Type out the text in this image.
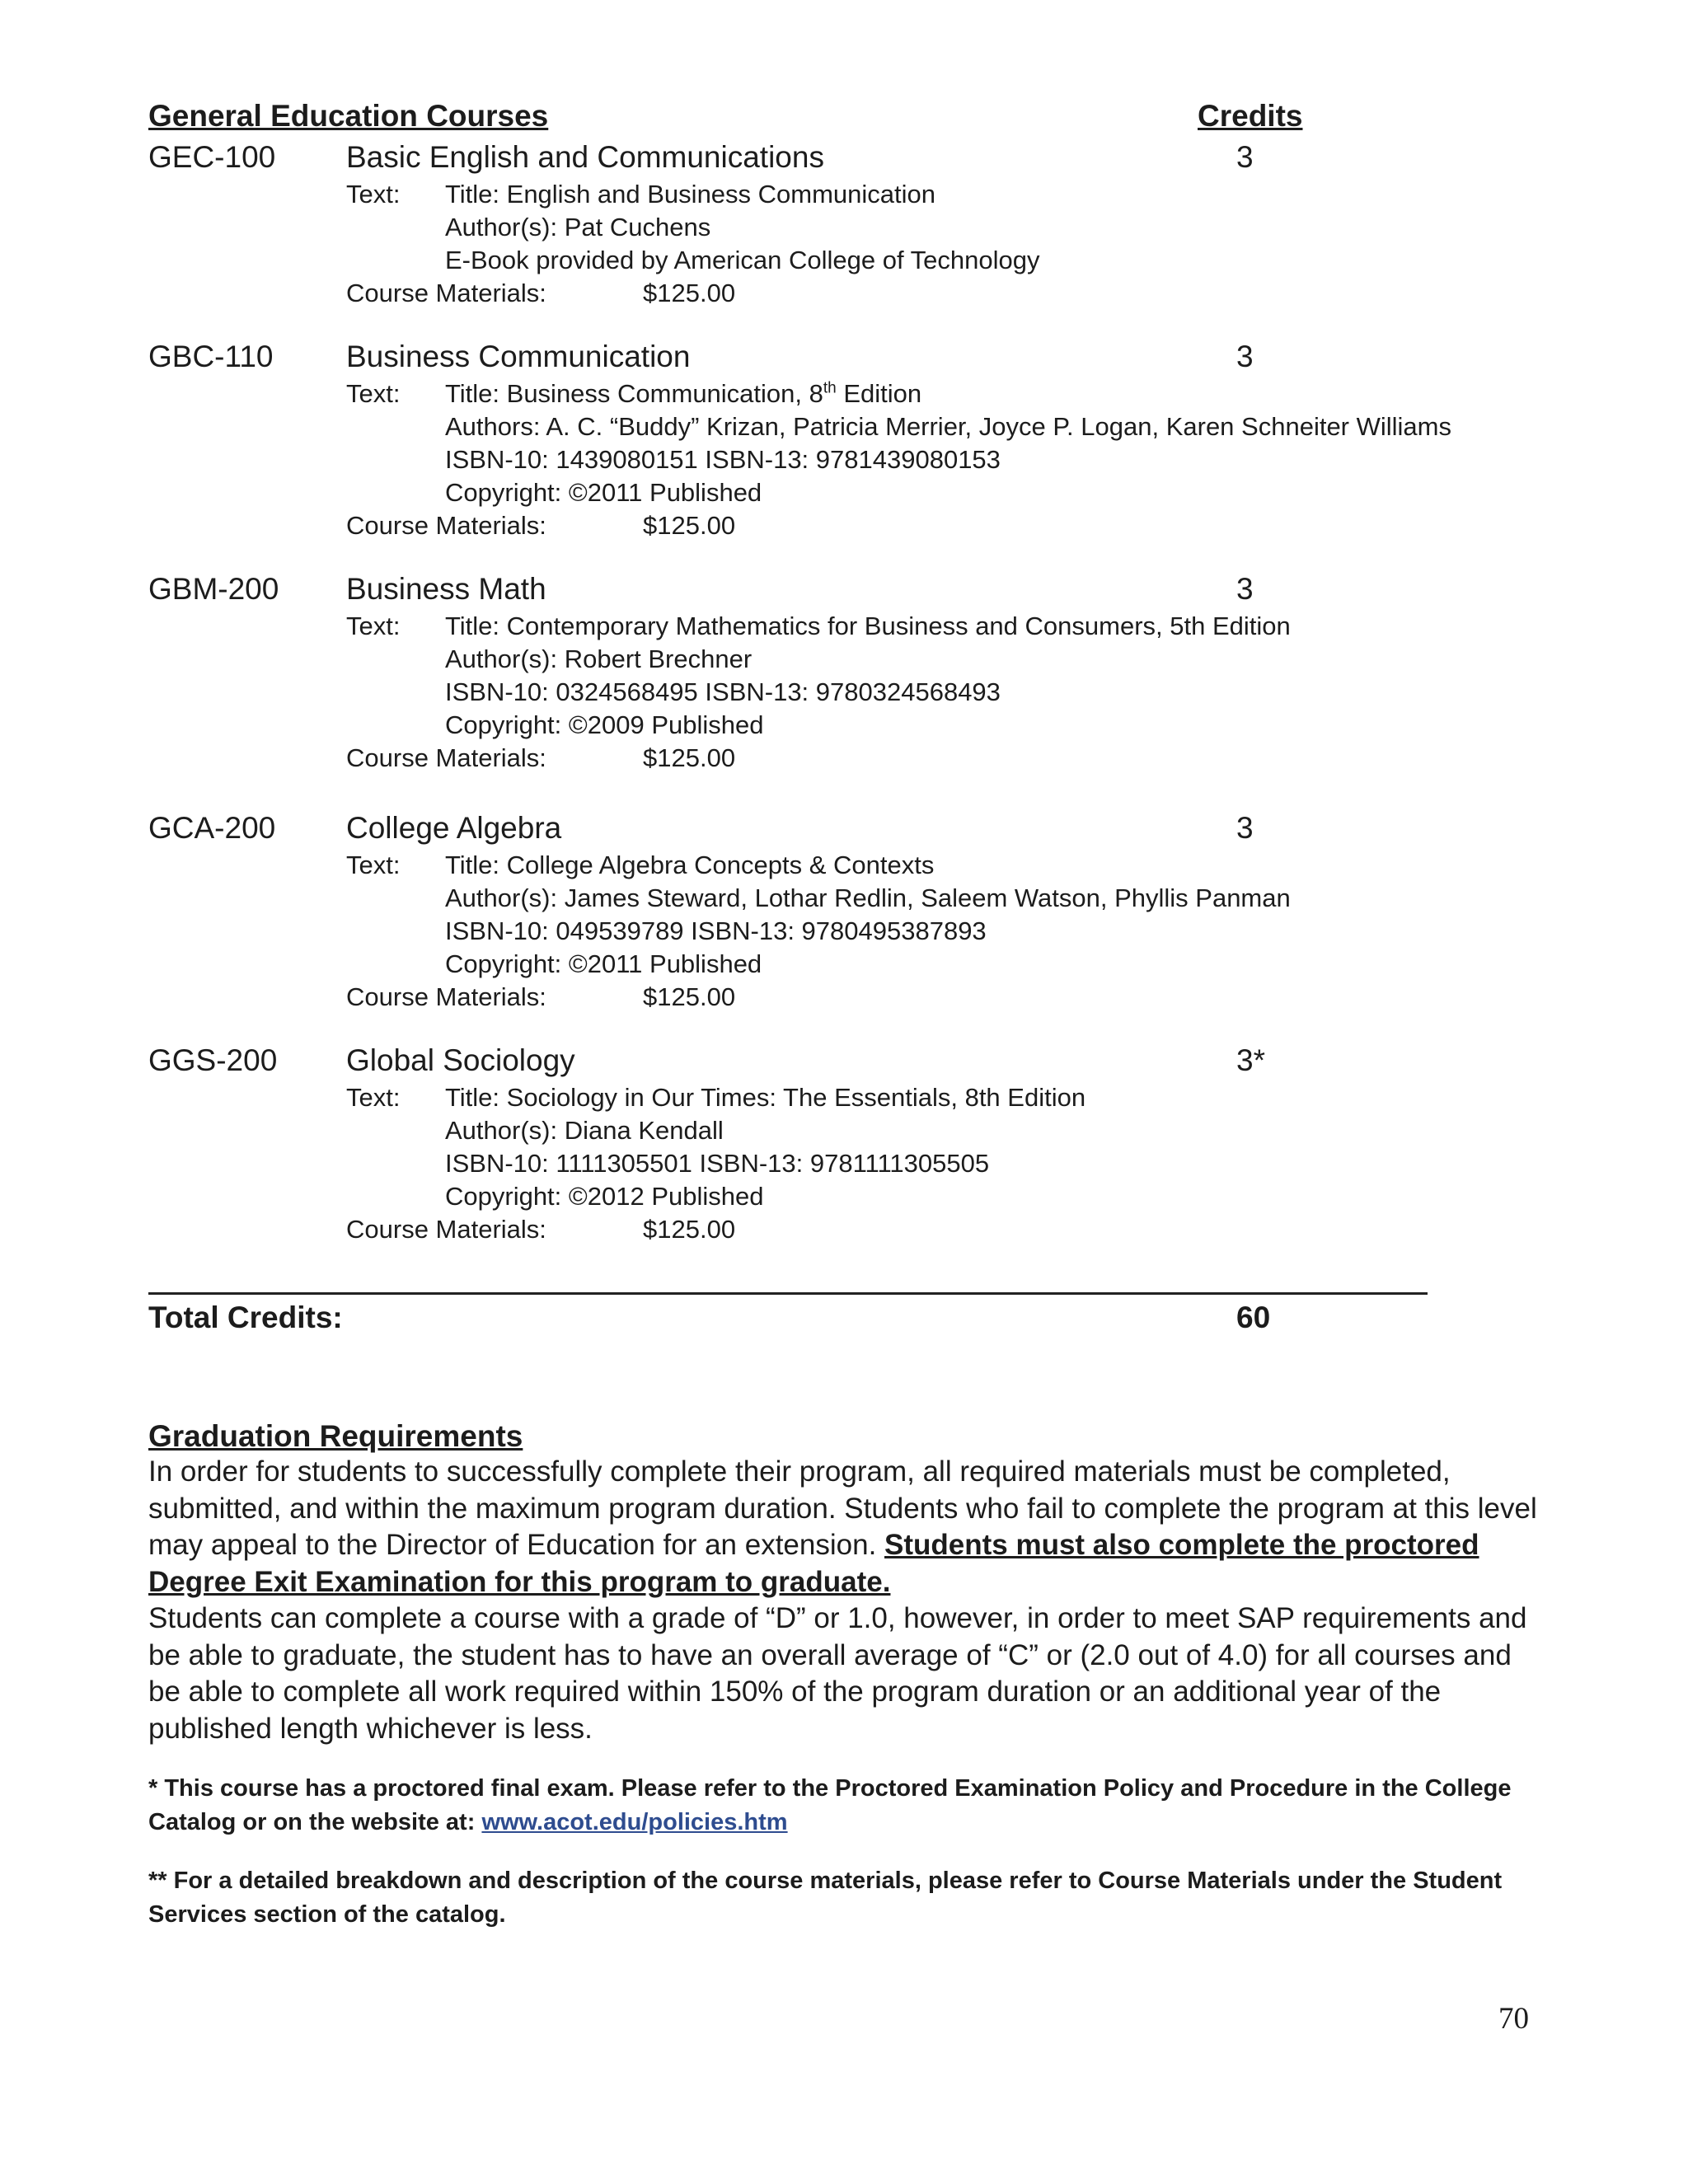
General Education Courses	Credits
GEC-100 Basic English and Communications	3
Text: Title: English and Business Communication
Author(s): Pat Cuchens
E-Book provided by American College of Technology
Course Materials:	$125.00
GBC-110 Business Communication	3
Text: Title: Business Communication, 8th Edition
Authors: A. C. “Buddy” Krizan, Patricia Merrier, Joyce P. Logan, Karen Schneiter Williams
ISBN-10: 1439080151 ISBN-13: 9781439080153
Copyright: ©2011 Published
Course Materials:	$125.00
GBM-200 Business Math	3
Text: Title: Contemporary Mathematics for Business and Consumers, 5th Edition
Author(s): Robert Brechner
ISBN-10: 0324568495 ISBN-13: 9780324568493
Copyright: ©2009 Published
Course Materials:	$125.00
GCA-200 College Algebra	3
Text: Title: College Algebra Concepts & Contexts
Author(s): James Steward, Lothar Redlin, Saleem Watson, Phyllis Panman
ISBN-10: 049539789 ISBN-13: 9780495387893
Copyright: ©2011 Published
Course Materials:	$125.00
GGS-200 Global Sociology	3*
Text: Title: Sociology in Our Times: The Essentials, 8th Edition
Author(s): Diana Kendall
ISBN-10: 1111305501 ISBN-13: 9781111305505
Copyright: ©2012 Published
Course Materials:	$125.00
Total Credits:	60
Graduation Requirements
In order for students to successfully complete their program, all required materials must be completed, submitted, and within the maximum program duration. Students who fail to complete the program at this level may appeal to the Director of Education for an extension. Students must also complete the proctored Degree Exit Examination for this program to graduate.
Students can complete a course with a grade of “D” or 1.0, however, in order to meet SAP requirements and be able to graduate, the student has to have an overall average of “C” or (2.0 out of 4.0) for all courses and be able to complete all work required within 150% of the program duration or an additional year of the published length whichever is less.
* This course has a proctored final exam. Please refer to the Proctored Examination Policy and Procedure in the College Catalog or on the website at: www.acot.edu/policies.htm
** For a detailed breakdown and description of the course materials, please refer to Course Materials under the Student Services section of the catalog.
70
